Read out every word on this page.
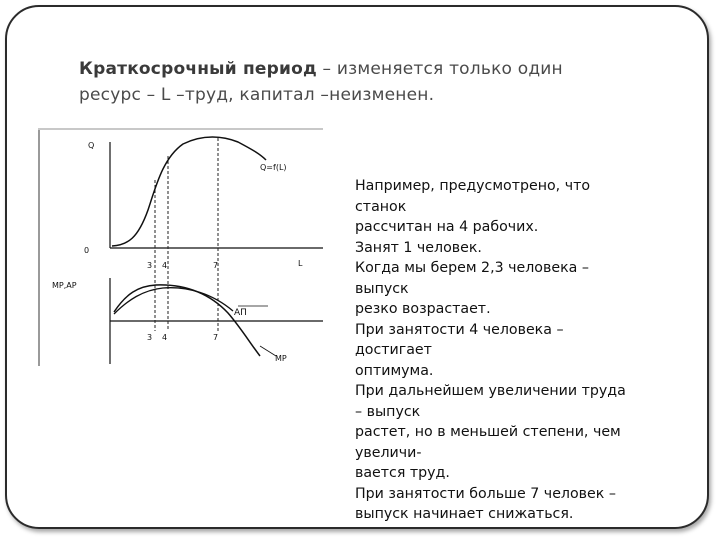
Краткосрочный период – изменяется только один
ресурс – L –труд, капитал –неизменен.
Q
0
L
Q=f(L)
MP,AP
АП
MP
3 4	7
3 4	7
Например, предусмотрено, что
станок
рассчитан на 4 рабочих.
Занят 1 человек.
Когда мы берем 2,3 человека –
выпуск
резко возрастает.
При занятости 4 человека –
достигает
оптимума.
При дальнейшем увеличении труда
– выпуск
растет, но в меньшей степени, чем
увеличи-
вается труд.
При занятости больше 7 человек –
выпуск начинает снижаться.
